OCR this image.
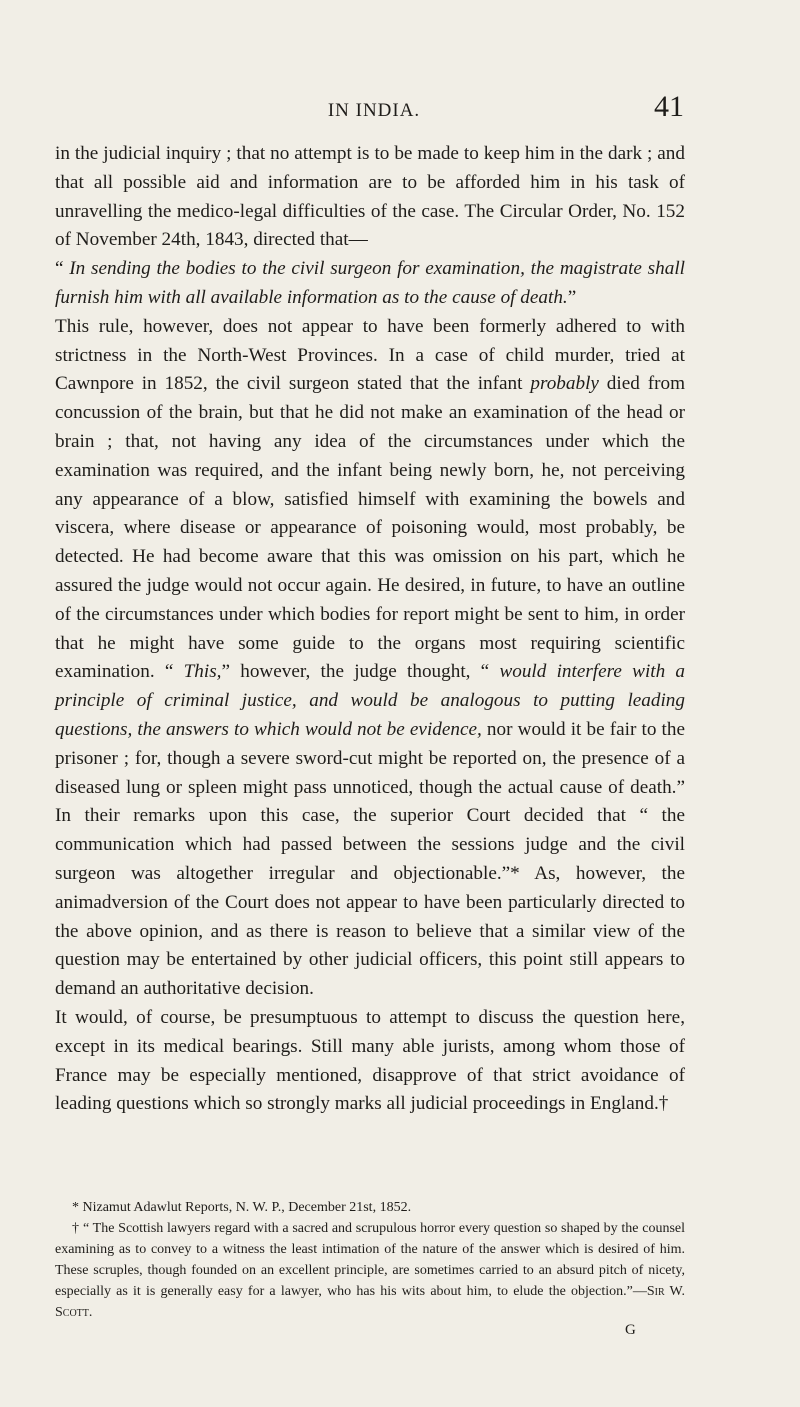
IN INDIA.	41

in the judicial inquiry ; that no attempt is to be made to keep him in the dark ; and that all possible aid and information are to be afforded him in his task of unravelling the medico-legal difficulties of the case. The Circular Order, No. 152 of November 24th, 1843, directed that—

“ In sending the bodies to the civil surgeon for examination, the magistrate shall furnish him with all available information as to the cause of death.”

This rule, however, does not appear to have been formerly adhered to with strictness in the North-West Provinces. In a case of child murder, tried at Cawnpore in 1852, the civil surgeon stated that the infant probably died from concussion of the brain, but that he did not make an examination of the head or brain ; that, not having any idea of the circumstances under which the examination was required, and the infant being newly born, he, not perceiving any appearance of a blow, satisfied himself with examining the bowels and viscera, where disease or appearance of poisoning would, most probably, be detected. He had become aware that this was omission on his part, which he assured the judge would not occur again. He desired, in future, to have an outline of the circumstances under which bodies for report might be sent to him, in order that he might have some guide to the organs most requiring scientific examination. “ This,” however, the judge thought, “ would interfere with a principle of criminal justice, and would be analogous to putting leading questions, the answers to which would not be evidence, nor would it be fair to the prisoner ; for, though a severe sword-cut might be reported on, the presence of a diseased lung or spleen might pass unnoticed, though the actual cause of death.” In their remarks upon this case, the superior Court decided that “ the communication which had passed between the sessions judge and the civil surgeon was altogether irregular and objectionable.”* As, however, the animadversion of the Court does not appear to have been particularly directed to the above opinion, and as there is reason to believe that a similar view of the question may be entertained by other judicial officers, this point still appears to demand an authoritative decision.

It would, of course, be presumptuous to attempt to discuss the question here, except in its medical bearings. Still many able jurists, among whom those of France may be especially mentioned, disapprove of that strict avoidance of leading questions which so strongly marks all judicial proceedings in England.†

* Nizamut Adawlut Reports, N. W. P., December 21st, 1852.

† “ The Scottish lawyers regard with a sacred and scrupulous horror every question so shaped by the counsel examining as to convey to a witness the least intimation of the nature of the answer which is desired of him. These scruples, though founded on an excellent principle, are sometimes carried to an absurd pitch of nicety, especially as it is generally easy for a lawyer, who has his wits about him, to elude the objection.”—Sir W. Scott.

G
